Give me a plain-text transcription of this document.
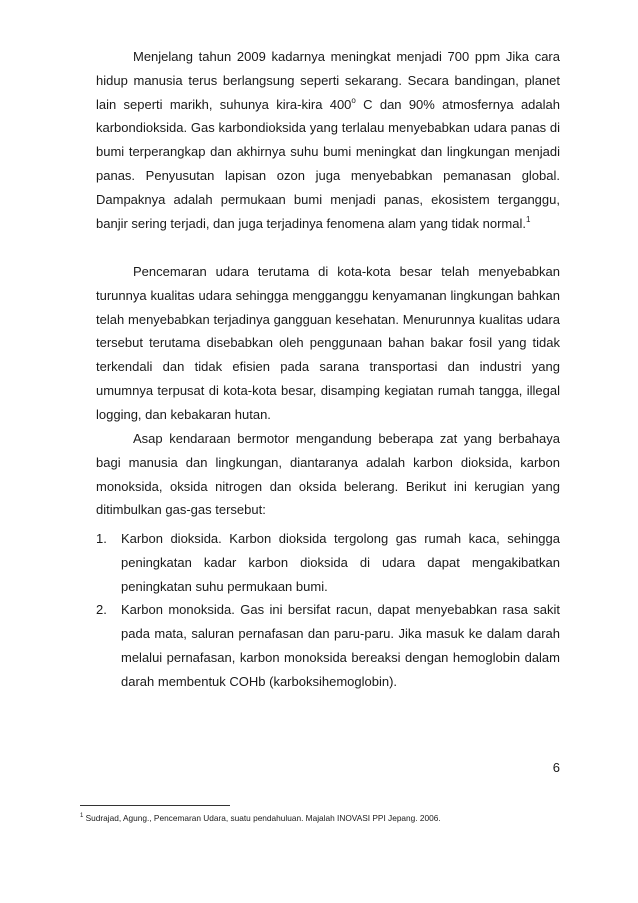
Menjelang tahun 2009 kadarnya meningkat menjadi 700 ppm Jika cara hidup manusia terus berlangsung seperti sekarang. Secara bandingan, planet lain seperti marikh, suhunya kira-kira 400$^o$ C dan 90% atmosfernya adalah karbondioksida. Gas karbondioksida yang terlalau menyebabkan udara panas di bumi terperangkap dan akhirnya suhu bumi meningkat dan lingkungan menjadi panas. Penyusutan lapisan ozon juga menyebabkan pemanasan global. Dampaknya adalah permukaan bumi menjadi panas, ekosistem terganggu, banjir sering terjadi, dan juga terjadinya fenomena alam yang tidak normal.$^1$

Pencemaran udara terutama di kota-kota besar telah menyebabkan turunnya kualitas udara sehingga mengganggu kenyamanan lingkungan bahkan telah menyebabkan terjadinya gangguan kesehatan. Menurunnya kualitas udara tersebut terutama disebabkan oleh penggunaan bahan bakar fosil yang tidak terkendali dan tidak efisien pada sarana transportasi dan industri yang umumnya terpusat di kota-kota besar, disamping kegiatan rumah tangga, illegal logging, dan kebakaran hutan.

Asap kendaraan bermotor mengandung beberapa zat yang berbahaya bagi manusia dan lingkungan, diantaranya adalah karbon dioksida, karbon monoksida, oksida nitrogen dan oksida belerang. Berikut ini kerugian yang ditimbulkan gas-gas tersebut:

1. Karbon dioksida. Karbon dioksida tergolong gas rumah kaca, sehingga peningkatan kadar karbon dioksida di udara dapat mengakibatkan peningkatan suhu permukaan bumi.
2. Karbon monoksida. Gas ini bersifat racun, dapat menyebabkan rasa sakit pada mata, saluran pernafasan dan paru-paru. Jika masuk ke dalam darah melalui pernafasan, karbon monoksida bereaksi dengan hemoglobin dalam darah membentuk COHb (karboksihemoglobin).
6
$^1$ Sudrajad, Agung., Pencemaran Udara, suatu pendahuluan. Majalah INOVASI PPI Jepang. 2006.
